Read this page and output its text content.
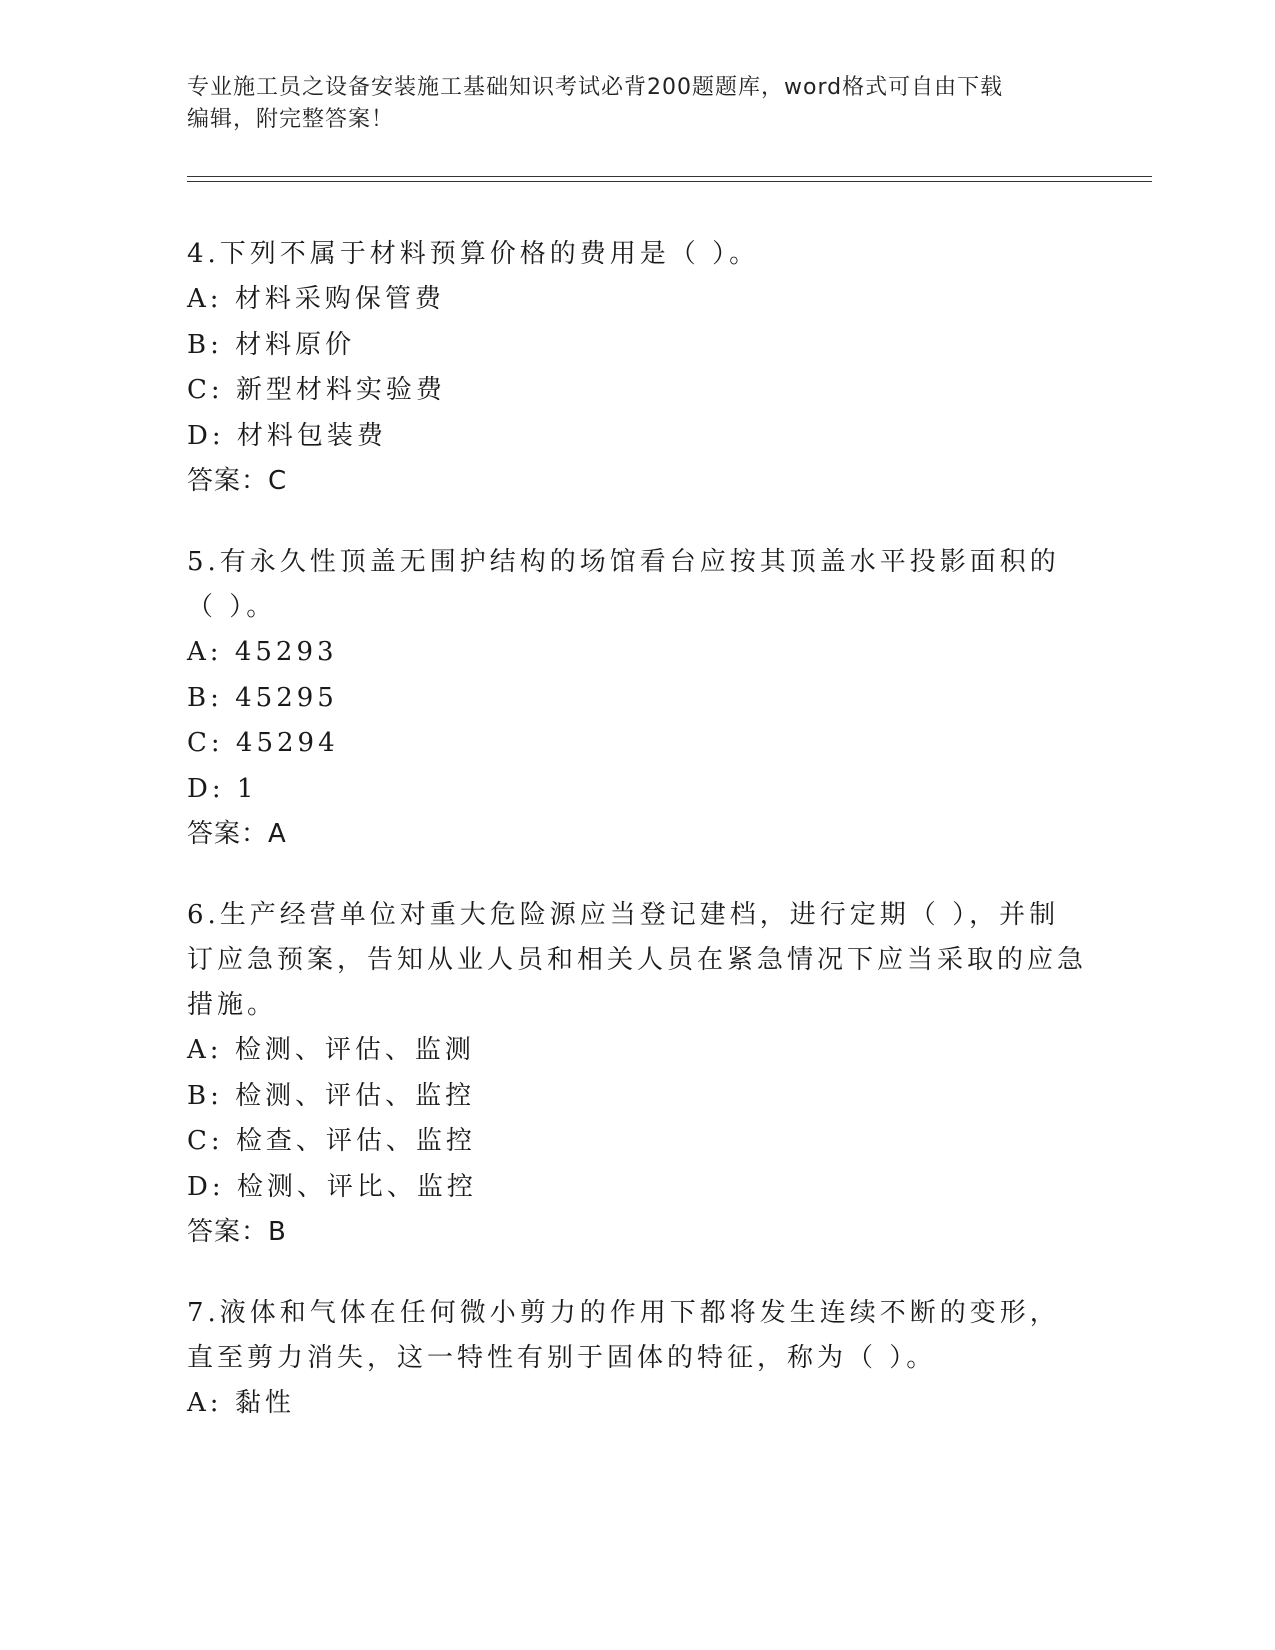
专业施工员之设备安装施工基础知识考试必背200题题库，word格式可自由下载
编辑，附完整答案！

4.下列不属于材料预算价格的费用是（ ）。

A: 材料采购保管费

B: 材料原价

C: 新型材料实验费

D: 材料包装费

答案：C

5.有永久性顶盖无围护结构的场馆看台应按其顶盖水平投影面积的（ ）。

A: 45293

B: 45295

C: 45294

D: 1

答案：A

6.生产经营单位对重大危险源应当登记建档，进行定期（ ），并制订应急预案，告知从业人员和相关人员在紧急情况下应当采取的应急措施。

A: 检测、评估、监测

B: 检测、评估、监控

C: 检查、评估、监控

D: 检测、评比、监控

答案：B

7.液体和气体在任何微小剪力的作用下都将发生连续不断的变形，直至剪力消失，这一特性有别于固体的特征，称为（ ）。

A: 黏性
